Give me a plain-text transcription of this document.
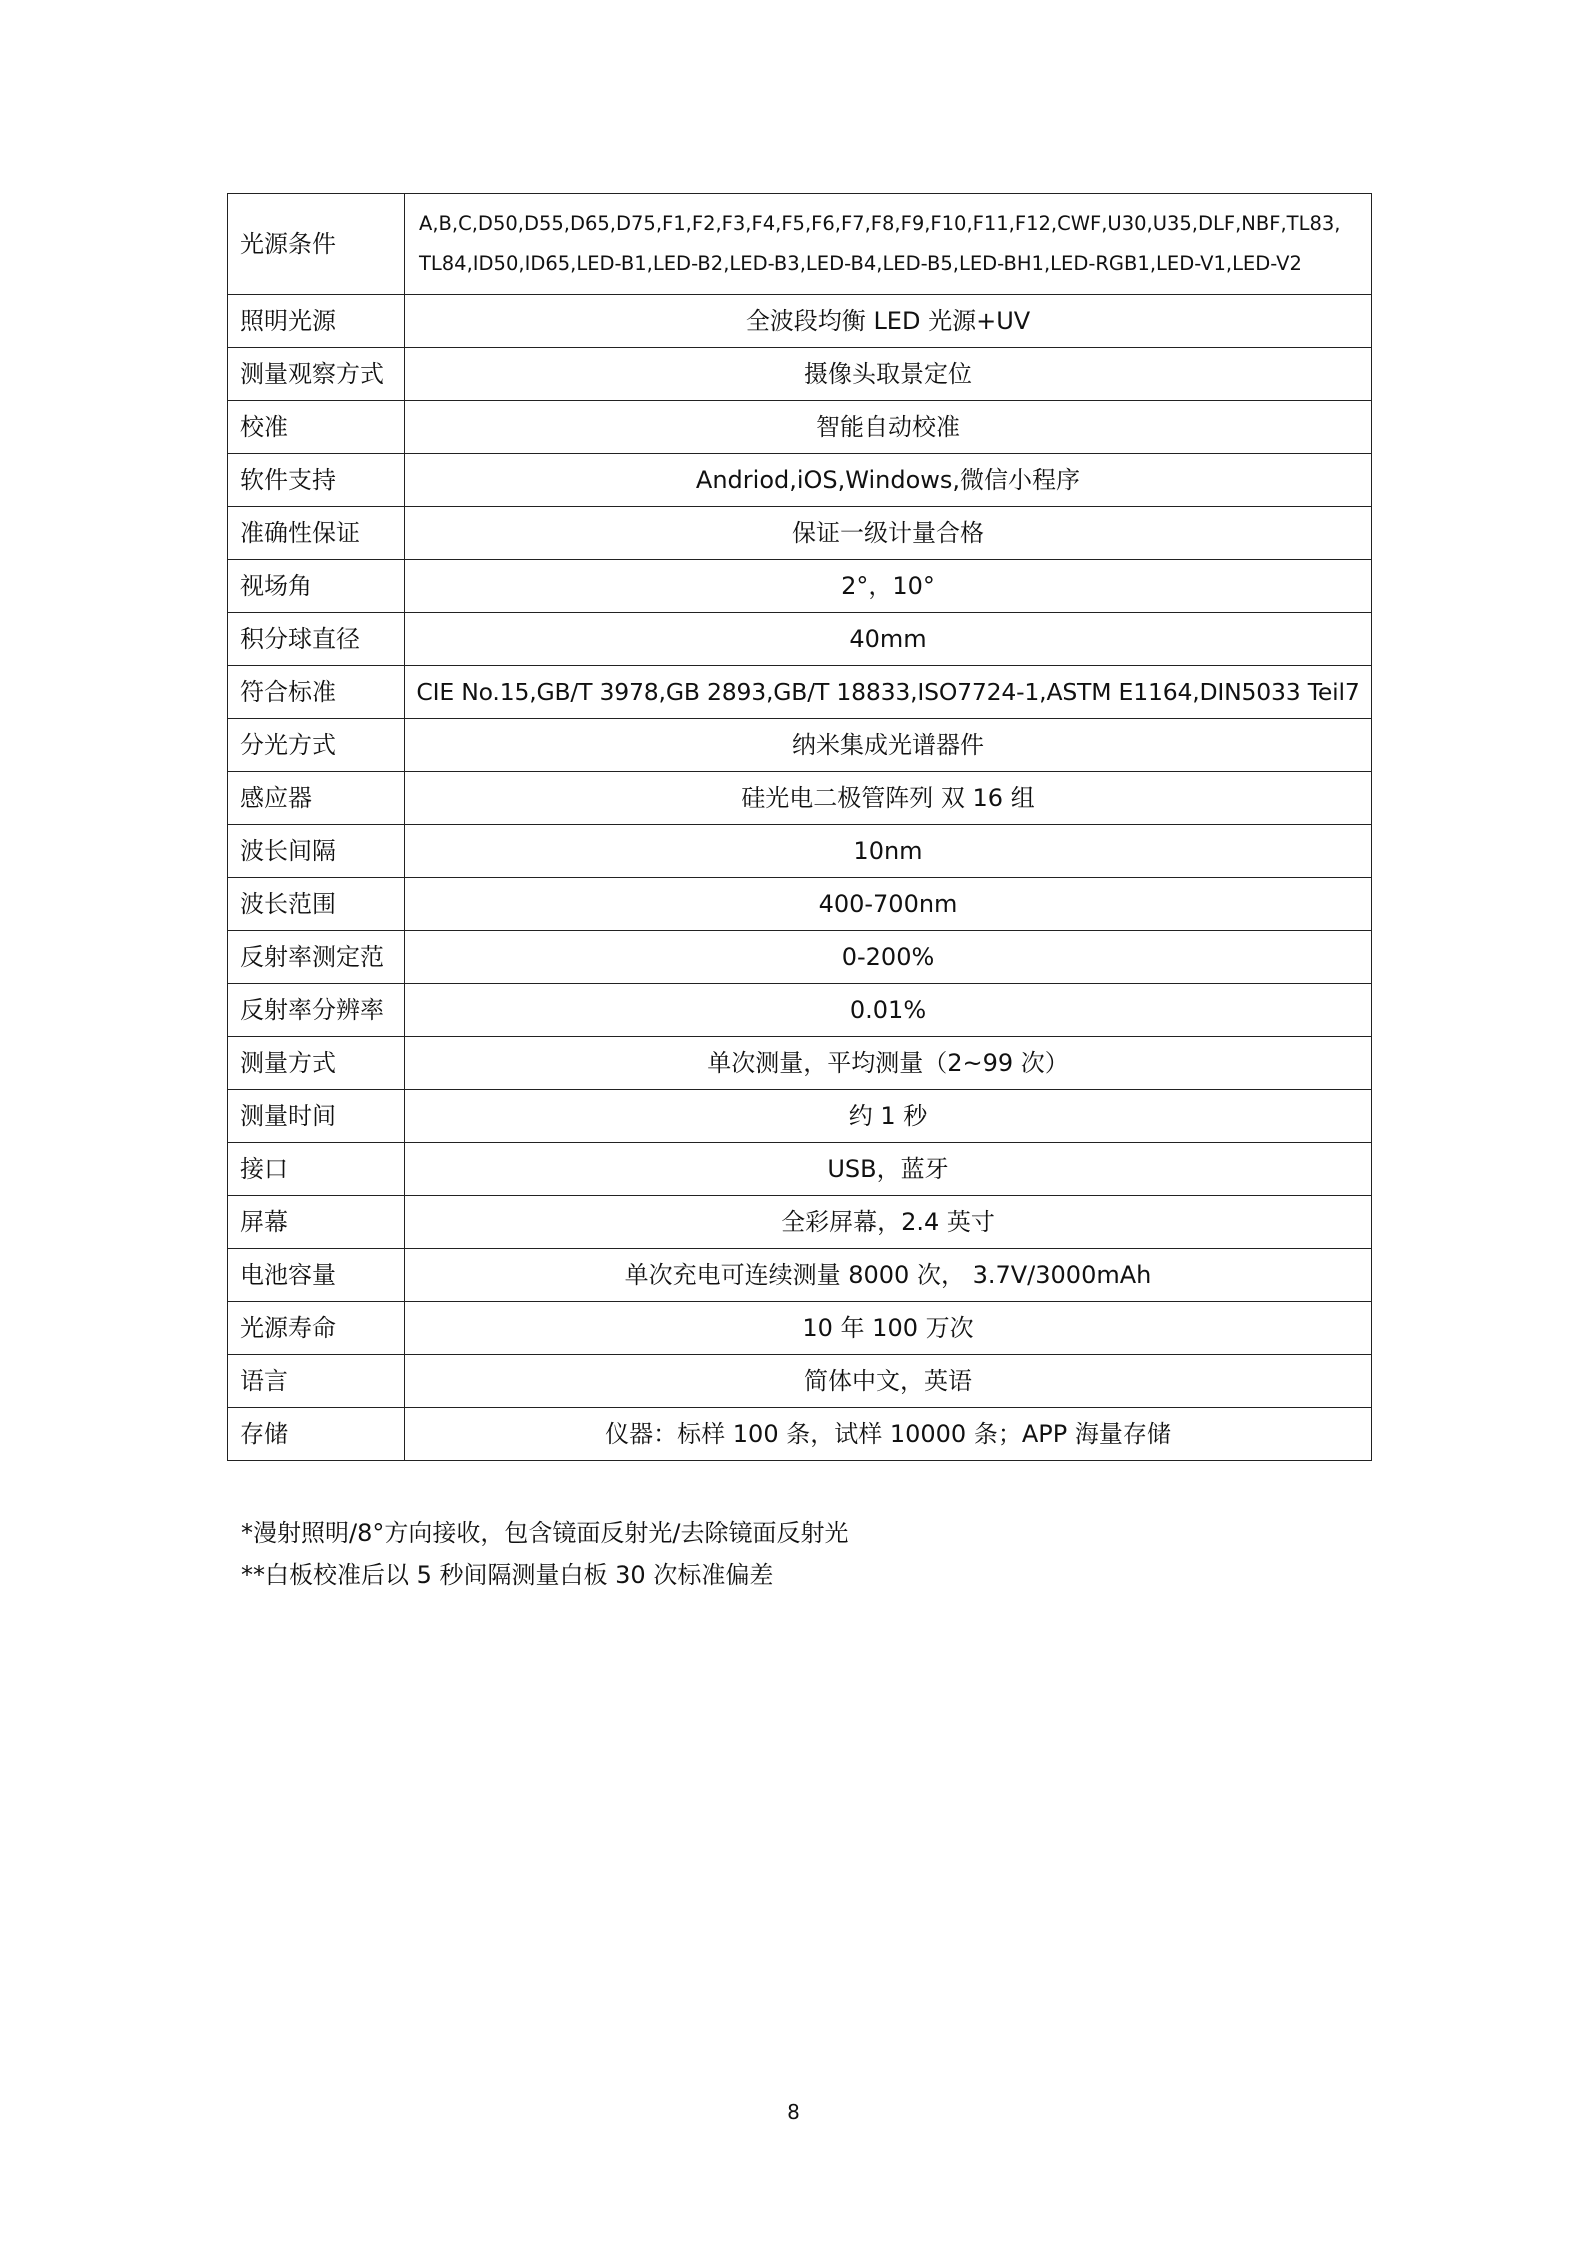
光源条件	A,B,C,D50,D55,D65,D75,F1,F2,F3,F4,F5,F6,F7,F8,F9,F10,F11,F12,CWF,U30,U35,DLF,NBF,TL83,
TL84,ID50,ID65,LED-B1,LED-B2,LED-B3,LED-B4,LED-B5,LED-BH1,LED-RGB1,LED-V1,LED-V2

照明光源	全波段均衡 LED 光源+UV
测量观察方式	摄像头取景定位
校准	智能自动校准
软件支持	Andriod,iOS,Windows,微信小程序
准确性保证	保证一级计量合格
视场角	2°，10°
积分球直径	40mm
符合标准	CIE No.15,GB/T 3978,GB 2893,GB/T 18833,ISO7724-1,ASTM E1164,DIN5033 Teil7
分光方式	纳米集成光谱器件
感应器	硅光电二极管阵列 双 16 组
波长间隔	10nm
波长范围	400-700nm
反射率测定范	0-200%
反射率分辨率	0.01%
测量方式	单次测量，平均测量（2~99 次）
测量时间	约 1 秒
接口	USB，蓝牙
屏幕	全彩屏幕，2.4 英寸
电池容量	单次充电可连续测量 8000 次， 3.7V/3000mAh
光源寿命	10 年 100 万次
语言	简体中文，英语
存储	仪器：标样 100 条，试样 10000 条；APP 海量存储
*漫射照明/8°方向接收，包含镜面反射光/去除镜面反射光
**白板校准后以 5 秒间隔测量白板 30 次标准偏差
8
